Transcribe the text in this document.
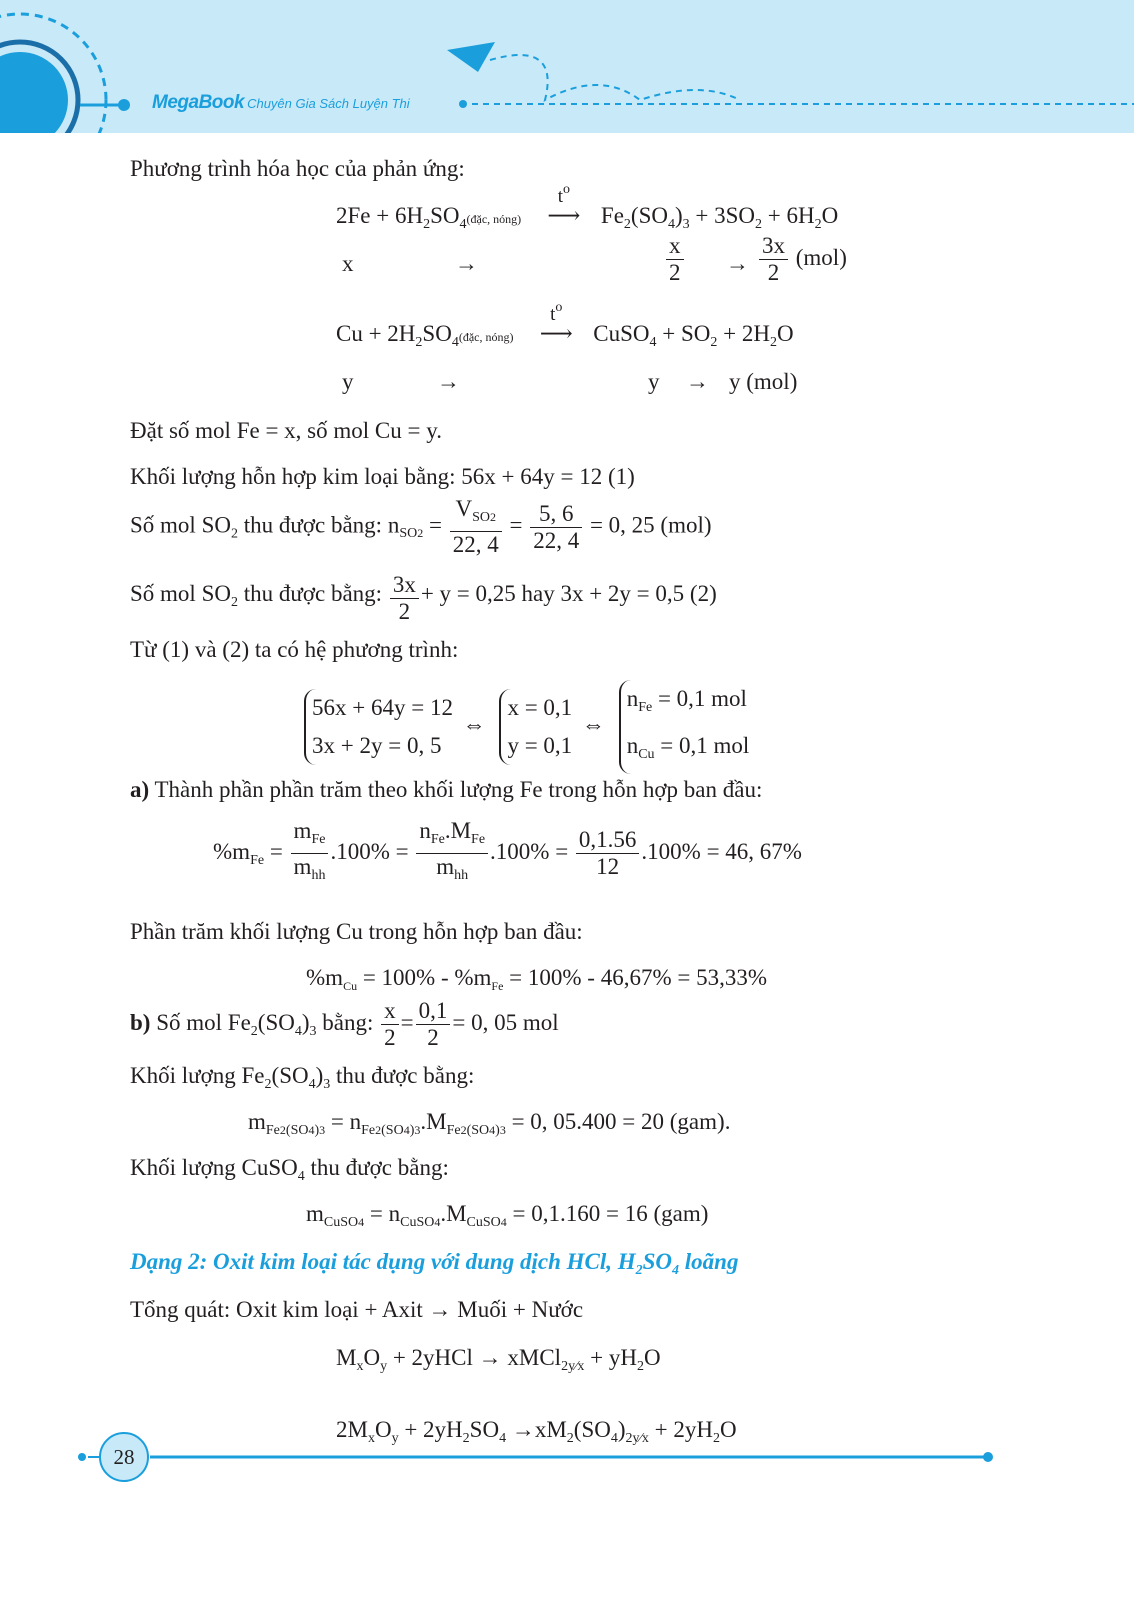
MegaBook Chuyên Gia Sách Luyện Thi
Phương trình hóa học của phản ứng:
$2Fe + 6H_2SO_4(đặc$, nóng)
$t^o$
⟶ $Fe_2(SO_4)_3 + 3SO_2 + 6H_2O$
x	→	$\frac{x}{2} \to \frac{3x}{2} (mol)$
$Cu + 2H_2SO_4(đặc$, nóng)
$t^o$
⟶ CuSO$_4$ + $SO_2 + 2H_2O$
y	→	y → y (mol)
Đặt số mol Fe = x, số mol Cu = y.
Khối lượng hỗn hợp kim loại bằng: 56x + 64y = 12 (1)
Số mol $SO_2$ thu được bằng: $n_{SO2} = \frac{V_{SO2}}{22, 4} = \frac{5, 6}{22, 4} = 0$, 25 (mol)
Số mol $SO_2$ thu được bằng: $\frac{3x}{2} + y = 0,25$ hay 3x + 2y = 0,5 (2)
Từ (1) và (2) ta có hệ phương trình:
56x + 64y = 12
3x + 2y = 0, 5
⇔
x = 0,1
y = 0,1
⇔
$n_{Fe} = 0,1$ mol
$n_{Cu} = 0,1$ mol
a) Thành phần phần trăm theo khối lượng Fe trong hỗn hợp ban đầu:
$\%m_{Fe} = \frac{m_{Fe}}{m_{hh}} .100\% = \frac{n_{Fe}.M_{Fe}}{m_{hh}} .100\% = \frac{0,1.56}{12} .100\% = 46$, 67%
Phần trăm khối lượng Cu trong hỗn hợp ban đầu:
$\%m_{Cu} = 100\% - \%m_{Fe} = 100\% - 46,67\% = 53,33\%$
b) Số mol $Fe_2(SO_4)_3$ bằng: $\frac{x}{2} = \frac{0,1}{2} = 0$, 05 mol
Khối lượng $Fe_2(SO_4)_3$ thu được bằng:
$m_{Fe2(SO4)3} = n_{Fe2(SO4)3}.M_{Fe2(SO4)3} = 0$, 05.400 = 20 (gam).
Khối lượng CuSO$_4$ thu được bằng:
$m_{CuSO4} = n_{CuSO4}.M_{CuSO4} = 0,1.160 = 16$ (gam)
Dạng 2: Oxit kim loại tác dụng với dung dịch HCl, $H_2SO_4$ loãng
Tổng quát: Oxit kim loại + Axit → Muối + Nước
$M_xO_y$ + 2yHCl → xMCl$_{2y⁄x}$ + $yH_2O$
$2M_xO_y + 2yH_2SO_4 \to xM_2(SO_4)_{2y⁄x} + 2yH_2O$
28
